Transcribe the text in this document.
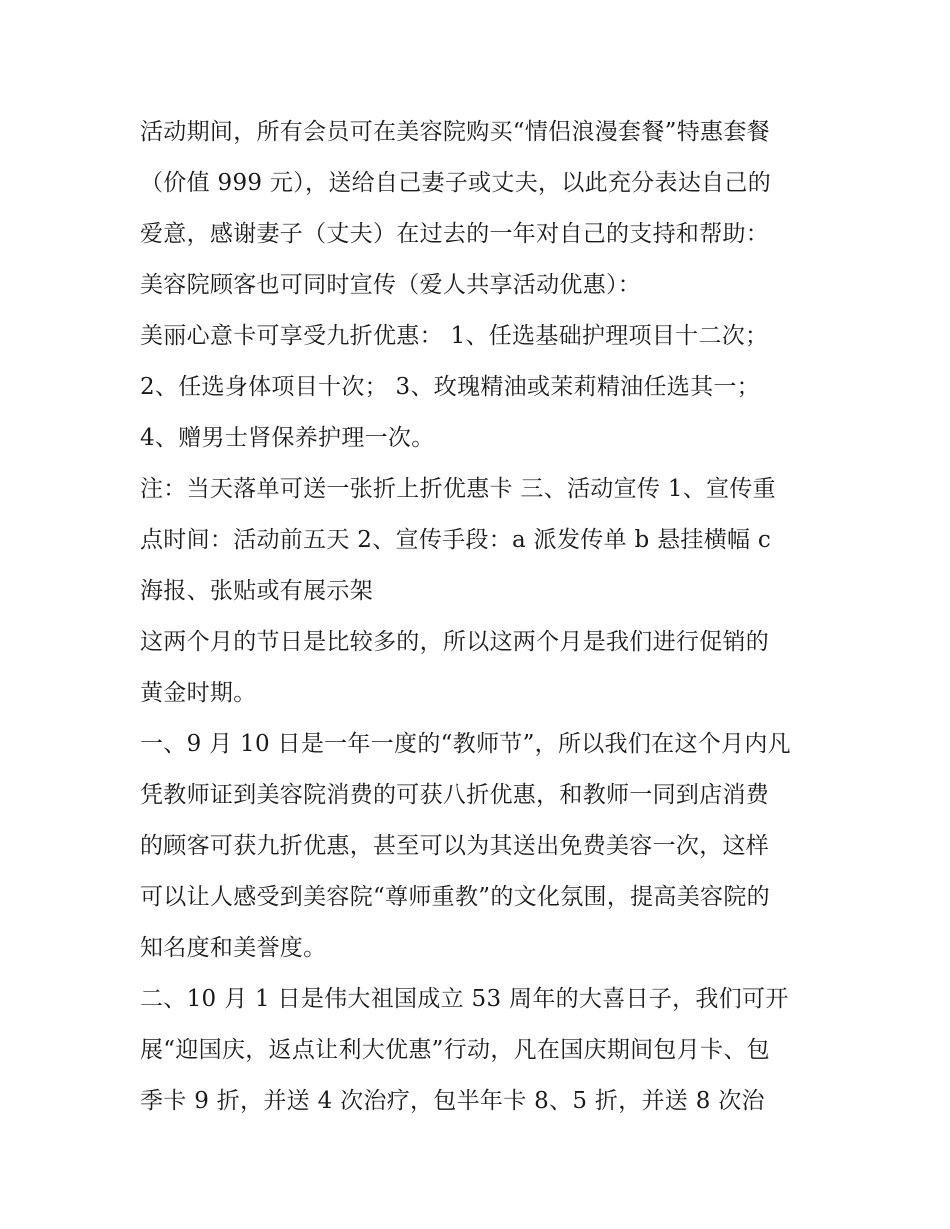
活动期间，所有会员可在美容院购买“情侣浪漫套餐”特惠套餐
（价值 999 元），送给自己妻子或丈夫，以此充分表达自己的
爱意，感谢妻子（丈夫）在过去的一年对自己的支持和帮助：
美容院顾客也可同时宣传（爱人共享活动优惠）：
美丽心意卡可享受九折优惠： 1、任选基础护理项目十二次；
2、任选身体项目十次； 3、玫瑰精油或茉莉精油任选其一；
4、赠男士肾保养护理一次。
注：当天落单可送一张折上折优惠卡 三、活动宣传 1、宣传重
点时间：活动前五天 2、宣传手段：a 派发传单 b 悬挂横幅 c
海报、张贴或有展示架
这两个月的节日是比较多的，所以这两个月是我们进行促销的
黄金时期。
一、9 月 10 日是一年一度的“教师节”，所以我们在这个月内凡
凭教师证到美容院消费的可获八折优惠，和教师一同到店消费
的顾客可获九折优惠，甚至可以为其送出免费美容一次，这样
可以让人感受到美容院“尊师重教”的文化氛围，提高美容院的
知名度和美誉度。
二、10 月 1 日是伟大祖国成立 53 周年的大喜日子，我们可开
展“迎国庆，返点让利大优惠”行动，凡在国庆期间包月卡、包
季卡 9 折，并送 4 次治疗，包半年卡 8、5 折，并送 8 次治
